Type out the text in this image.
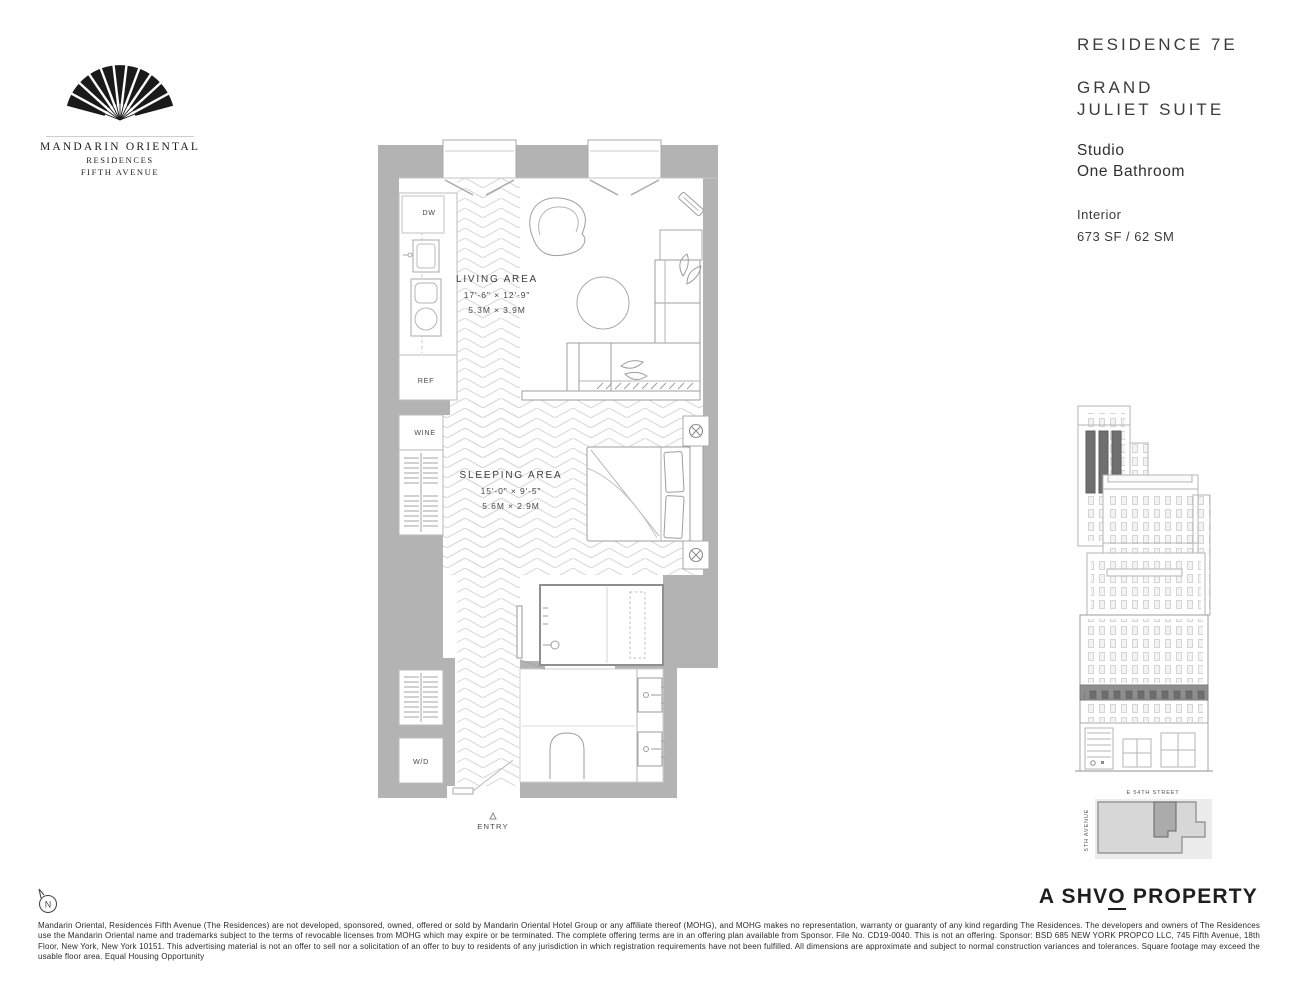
MANDARIN ORIENTAL
RESIDENCES
FIFTH AVENUE
RESIDENCE 7E
GRAND
JULIET SUITE
Studio
One Bathroom
Interior
673 SF / 62 SM
DW
REF
WINE
W/D
LIVING AREA
17'-6" × 12'-9"
5.3M × 3.9M
SLEEPING AREA
15'-0" × 9'-5"
5.6M × 2.9M
ENTRY
E 54TH STREET
5TH AVENUE
N	A SHVO PROPERTY
Mandarin Oriental, Residences Fifth Avenue (The Residences) are not developed, sponsored, owned, offered or sold by Mandarin Oriental Hotel Group or any affiliate thereof (MOHG), and MOHG makes no representation, warranty or guaranty of any kind regarding The Residences. The developers and owners of The Residences use the Mandarin Oriental name and trademarks subject to the terms of revocable licenses from MOHG which may expire or be terminated. The complete offering terms are in an offering plan available from Sponsor. File No. CD19-0040. This is not an offering. Sponsor: BSD 685 NEW YORK PROPCO LLC, 745 Fifth Avenue, 18th Floor, New York, New York 10151. This advertising material is not an offer to sell nor a solicitation of an offer to buy to residents of any jurisdiction in which registration requirements have not been fulfilled. All dimensions are approximate and subject to normal construction variances and tolerances. Square footage may exceed the usable floor area. Equal Housing Opportunity
